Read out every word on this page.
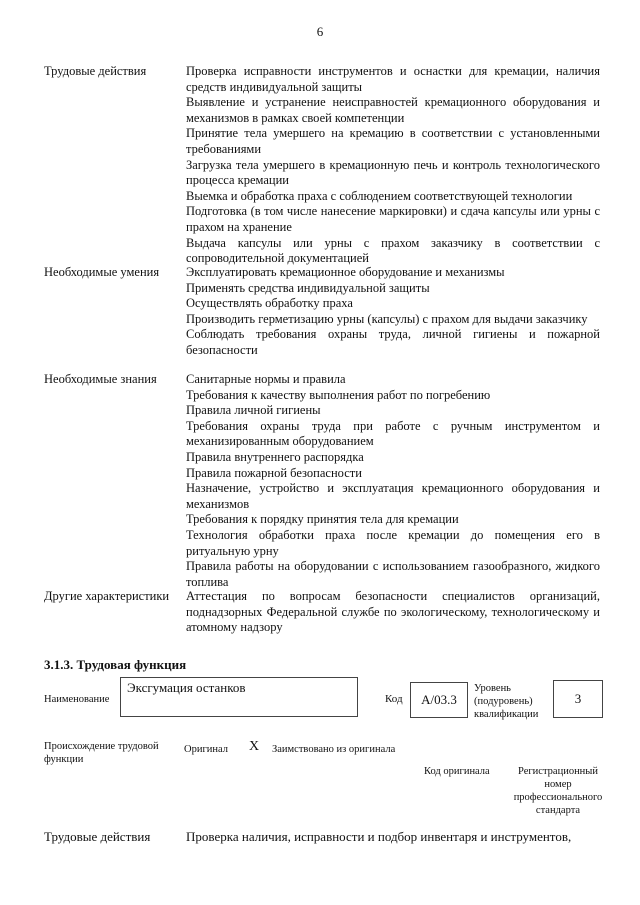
6
Трудовые действия	Проверка исправности инструментов и оснастки для кремации, наличия средств индивидуальной защиты
Выявление и устранение неисправностей кремационного оборудования и механизмов в рамках своей компетенции
Принятие тела умершего на кремацию в соответствии с установленными требованиями
Загрузка тела умершего в кремационную печь и контроль технологического процесса кремации
Выемка и обработка праха с соблюдением соответствующей технологии
Подготовка (в том числе нанесение маркировки) и сдача капсулы или урны с прахом на хранение
Выдача капсулы или урны с прахом заказчику в соответствии с сопроводительной документацией
Необходимые умения	Эксплуатировать кремационное оборудование и механизмы
Применять средства индивидуальной защиты
Осуществлять обработку праха
Производить герметизацию урны (капсулы) с прахом для выдачи заказчику
Соблюдать требования охраны труда, личной гигиены и пожарной безопасности
Необходимые знания	Санитарные нормы и правила
Требования к качеству выполнения работ по погребению
Правила личной гигиены
Требования охраны труда при работе с ручным инструментом и механизированным оборудованием
Правила внутреннего распорядка
Правила пожарной безопасности
Назначение, устройство и эксплуатация кремационного оборудования и механизмов
Требования к порядку принятия тела для кремации
Технология обработки праха после кремации до помещения его в ритуальную урну
Правила работы на оборудовании с использованием газообразного, жидкого топлива
Другие характеристики	Аттестация по вопросам безопасности специалистов организаций, поднадзорных Федеральной службе по экологическому, технологическому и атомному надзору
3.1.3. Трудовая функция
Наименование
Эксгумация останков
Код	A/03.3
Уровень (подуровень) квалификации
3
Происхождение трудовой функции
Оригинал X Заимствовано из оригинала
Код оригинала	Регистрационный номер профессионального стандарта
Трудовые действия	Проверка наличия, исправности и подбор инвентаря и инструментов,
